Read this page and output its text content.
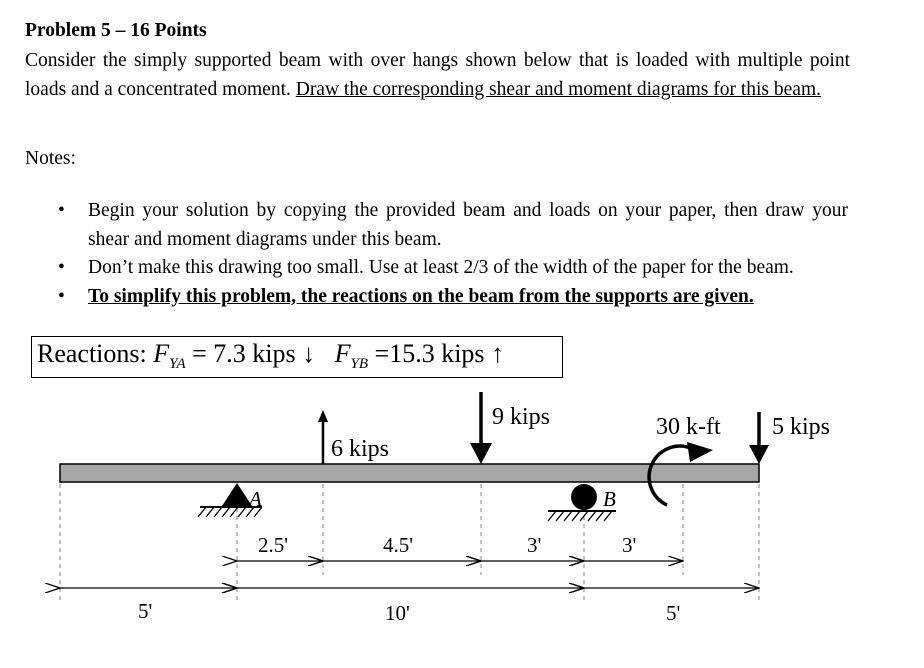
Problem 5 – 16 Points
Consider the simply supported beam with over hangs shown below that is loaded with multiple point loads and a concentrated moment. Draw the corresponding shear and moment diagrams for this beam.
Notes:
• Begin your solution by copying the provided beam and loads on your paper, then draw your shear and moment diagrams under this beam.
• Don’t make this drawing too small. Use at least 2/3 of the width of the paper for the beam.
• To simplify this problem, the reactions on the beam from the supports are given.
Reactions: $F_{YA} = 7.3$ kips ↓ $F_{YB} =15.3$ kips ↑
A	B
6 kips
9 kips	30 k-ft 5 kips
2.5'	4.5'	3'	3'
5'	10'	5'
